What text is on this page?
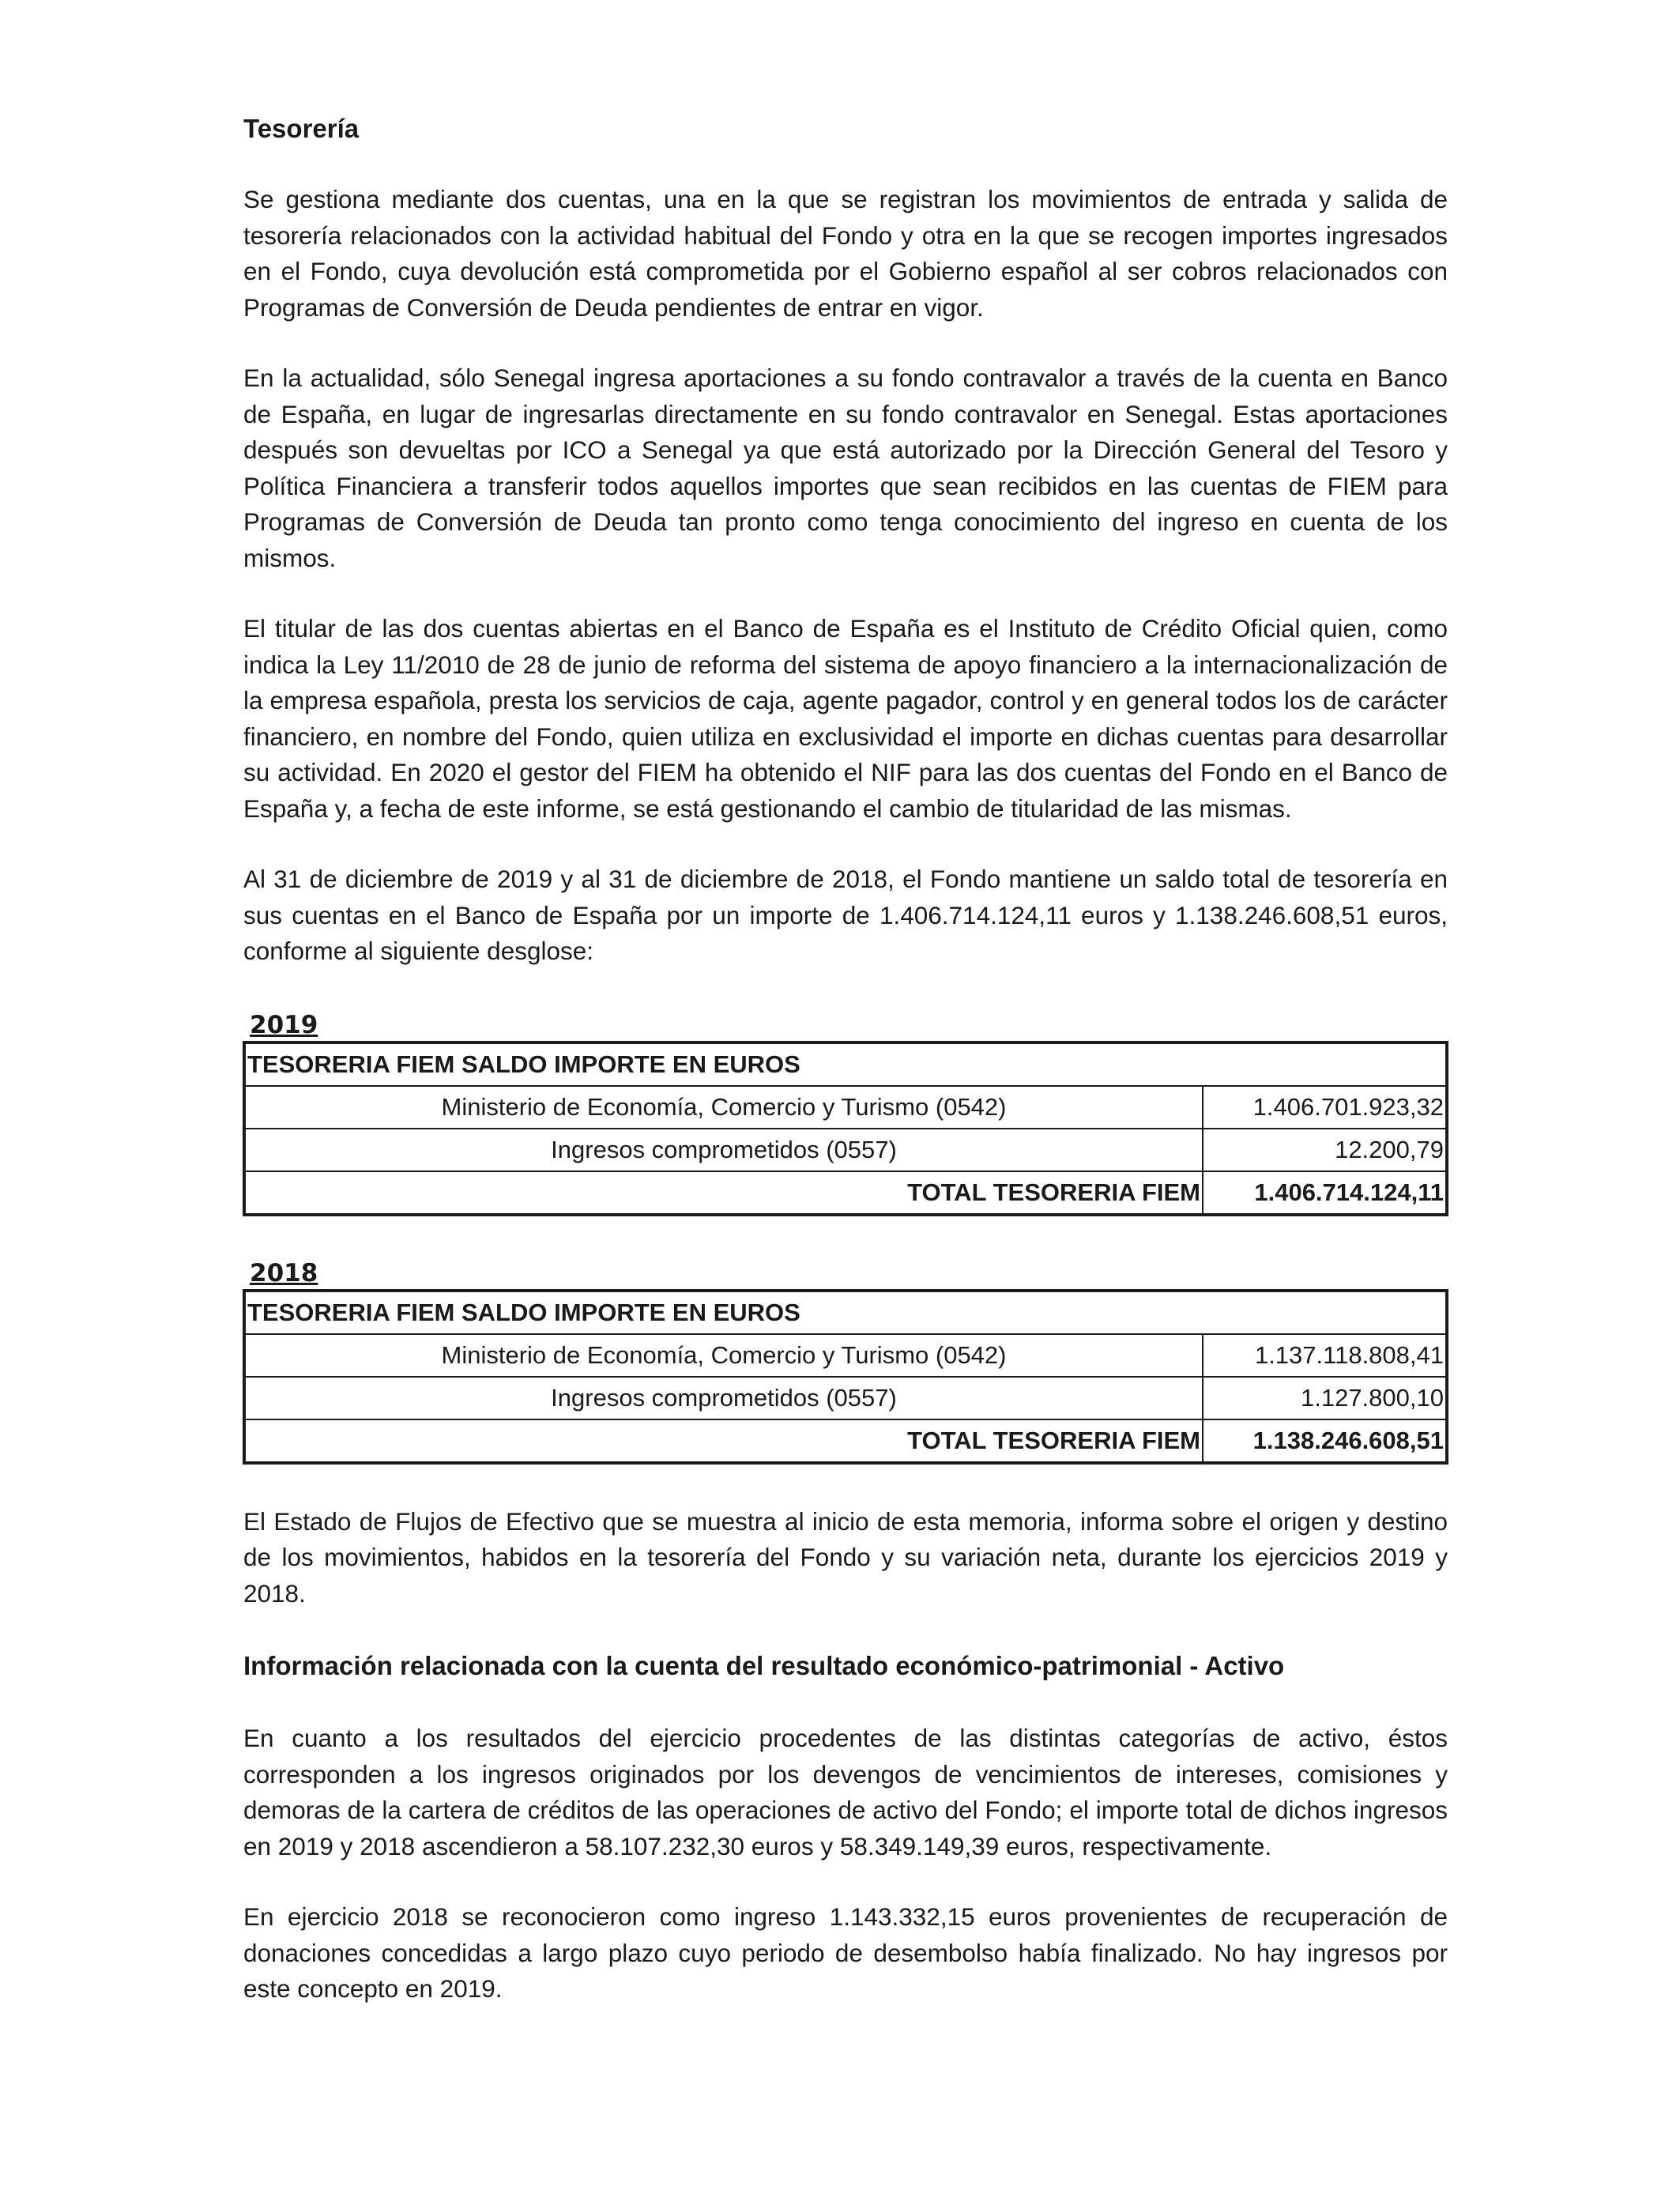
Tesorería

Se gestiona mediante dos cuentas, una en la que se registran los movimientos de entrada y salida de tesorería relacionados con la actividad habitual del Fondo y otra en la que se recogen importes ingresados en el Fondo, cuya devolución está comprometida por el Gobierno español al ser cobros relacionados con Programas de Conversión de Deuda pendientes de entrar en vigor.

En la actualidad, sólo Senegal ingresa aportaciones a su fondo contravalor a través de la cuenta en Banco de España, en lugar de ingresarlas directamente en su fondo contravalor en Senegal. Estas aportaciones después son devueltas por ICO a Senegal ya que está autorizado por la Dirección General del Tesoro y Política Financiera a transferir todos aquellos importes que sean recibidos en las cuentas de FIEM para Programas de Conversión de Deuda tan pronto como tenga conocimiento del ingreso en cuenta de los mismos.

El titular de las dos cuentas abiertas en el Banco de España es el Instituto de Crédito Oficial quien, como indica la Ley 11/2010 de 28 de junio de reforma del sistema de apoyo financiero a la internacionalización de la empresa española, presta los servicios de caja, agente pagador, control y en general todos los de carácter financiero, en nombre del Fondo, quien utiliza en exclusividad el importe en dichas cuentas para desarrollar su actividad. En 2020 el gestor del FIEM ha obtenido el NIF para las dos cuentas del Fondo en el Banco de España y, a fecha de este informe, se está gestionando el cambio de titularidad de las mismas.

Al 31 de diciembre de 2019 y al 31 de diciembre de 2018, el Fondo mantiene un saldo total de tesorería en sus cuentas en el Banco de España por un importe de 1.406.714.124,11 euros y 1.138.246.608,51 euros, conforme al siguiente desglose:

2019
TESORERIA FIEM SALDO IMPORTE EN EUROS	
Ministerio de Economía, Comercio y Turismo (0542)	1.406.701.923,32
Ingresos comprometidos (0557)	12.200,79
TOTAL TESORERIA FIEM	1.406.714.124,11
2018
TESORERIA FIEM SALDO IMPORTE EN EUROS	
Ministerio de Economía, Comercio y Turismo (0542)	1.137.118.808,41
Ingresos comprometidos (0557)	1.127.800,10
TOTAL TESORERIA FIEM	1.138.246.608,51

El Estado de Flujos de Efectivo que se muestra al inicio de esta memoria, informa sobre el origen y destino de los movimientos, habidos en la tesorería del Fondo y su variación neta, durante los ejercicios 2019 y 2018.

Información relacionada con la cuenta del resultado económico-patrimonial - Activo

En cuanto a los resultados del ejercicio procedentes de las distintas categorías de activo, éstos corresponden a los ingresos originados por los devengos de vencimientos de intereses, comisiones y demoras de la cartera de créditos de las operaciones de activo del Fondo; el importe total de dichos ingresos en 2019 y 2018 ascendieron a 58.107.232,30 euros y 58.349.149,39 euros, respectivamente.

En ejercicio 2018 se reconocieron como ingreso 1.143.332,15 euros provenientes de recuperación de donaciones concedidas a largo plazo cuyo periodo de desembolso había finalizado. No hay ingresos por este concepto en 2019.
